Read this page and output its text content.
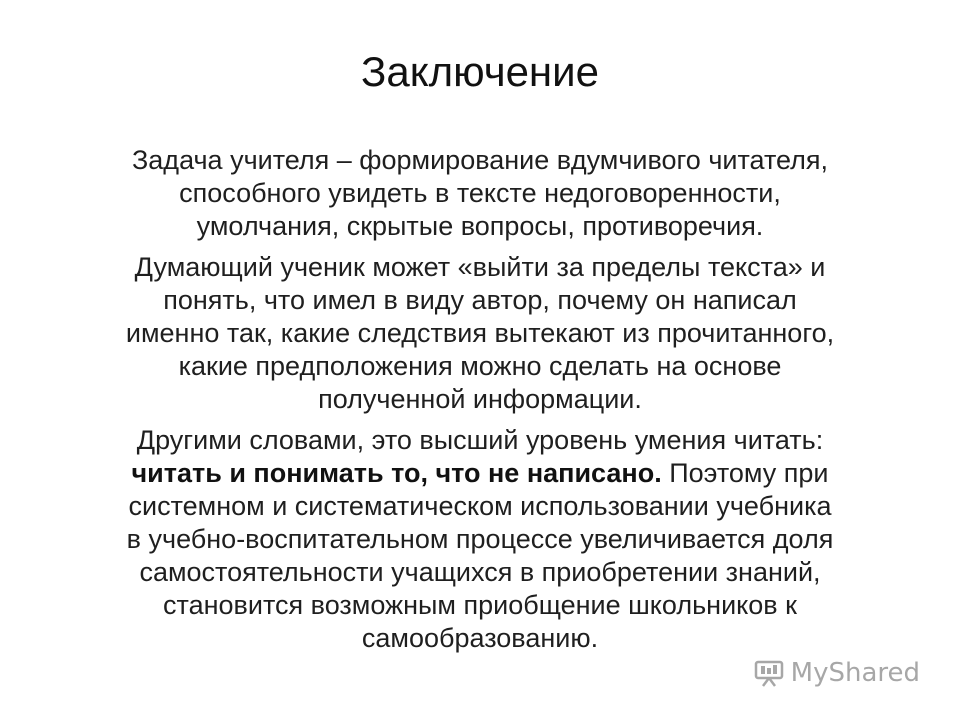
Заключение

Задача учителя – формирование вдумчивого читателя,
способного увидеть в тексте недоговоренности,
умолчания, скрытые вопросы, противоречия.

Думающий ученик может «выйти за пределы текста» и
понять, что имел в виду автор, почему он написал
именно так, какие следствия вытекают из прочитанного,
какие предположения можно сделать на основе
полученной информации.

Другими словами, это высший уровень умения читать:
читать и понимать то, что не написано. Поэтому при
системном и систематическом использовании учебника
в учебно-воспитательном процессе увеличивается доля
самостоятельности учащихся в приобретении знаний,
становится возможным приобщение школьников к
самообразованию.

MyShared
